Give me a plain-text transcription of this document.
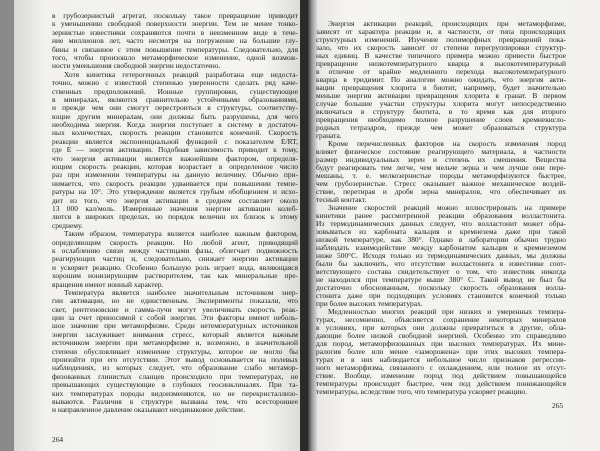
в грубозернистый агрегат, поскольку такое превращение приводит
к уменьшению свободной поверхности энергии. Тем не менее тонко-
зернистые известняки сохраняются почти в неизменном виде в тече-
ние миллионов лет, часто несмотря на погружение на большие глу-
бины и связанное с этим повышение температуры. Следовательно, для
того, чтобы произошло метаморфическое изменение, одной возмож-
ности уменьшения свободной энергии недостаточно.
Хотя кинетика гетерогенных реакций разработана еще недоста-
точно, можно с известной степенью уверенности сделать ряд каче-
ственных предположений. Ионные группировки, существующие
в минералах, являются сравнительно устойчивыми образованиями,
и прежде чем они смогут перестроиться в структуры, соответству-
ющие другим минералам, они должны быть разрушены, для чего
необходима энергия. Когда энергия поступает в систему в достаточ-
ных количествах, скорость реакции становится конечной. Скорость
реакции является экспоненциальной функцией с показателем E/RT,
где E — энергия активации. Подобная зависимость приводит к тому,
что энергия активации является важнейшим фактором, определя-
ющим скорость реакции, которая возрастает в определенное число
раз при изменении температуры на данную величину. Обычно при-
нимается, что скорость реакции удваивается при повышении темпе-
ратуры на 10°. Это утверждение является грубым обобщением и исхо-
дит из того, что энергия активации в среднем составляет около
13 000 кал/моль. Измеренные значения энергии активации колеб-
лются в широких пределах, но порядок величин их близок к этому
среднему.
Таким образом, температура является наиболее важным фактором,
определяющим скорость реакции. Но любой агент, приводящий
к ослаблению связи между частицами фазы, облегчает подвижность
реагирующих частиц и, следовательно, снижает энергию активации
и ускоряет реакцию. Особенно большую роль играет вода, являющаяся
хорошим ионизирующим растворителем, так как минеральные пре-
вращения имеют ионный характер.
Температура является наиболее значительным источником энер-
гии активации, но не единственным. Эксперименты показали, что
свет, рентгеновские и гамма-лучи могут увеличивать скорость реак-
ции за счет приносимой с собой энергии. Эти факторы имеют неболь-
шое значение при метаморфизме. Среди нетемпературных источников
энергии заслуживает внимания стресс, который является важным
источником энергии при метаморфизме и, возможно, в значительной
степени обусловливает изменение структуры, которое не могло бы
произойти при его отсутствии. Этот вывод основывается на полевых
наблюдениях, из которых следует, что образование слабо метамор-
физованных глинистых сланцев происходило при температурах, не
превышающих существующие в глубоких геосинклиналях. При та-
ких температурах породы видоизменяются, но не перекристаллизо-
вываются. Различия в структуре вызваны тем, что всестороннее
и направленное давление оказывают неодинаковое действие.
264
Энергия активации реакций, происходящих при метаморфизме,
зависят от характера реакции и, в частности, от типа происходящих
структурных изменений. Изучение полиморфных превращений пока-
зало, что их скорость зависит от степени перегруппировки структур-
ных единиц. В качестве типичного примера можно привести быстрое
превращение низкотемпературного кварца в высокотемпературный
в отличие от крайне медленного перехода высокотемпературного
кварца в тридимит. По аналогии можно ожидать, что энергия акти-
вации превращения хлорита в биотит, например, будет значительно
меньше энергии активации превращения хлорита в гранат. В первом
случае большие участки структуры хлорита могут непосредственно
включаться в структуру биотита, в то время как для второго
превращения необходимо полное разрушение слоев кремнекисло-
родных тетраэдров, прежде чем может образоваться структура
граната.
Кроме перечисленных факторов на скорость изменения пород
влияет физическое состояние реагирующего материала, в частности
размер индивидуальных зерен и степень их смешения. Вещества
будут реагировать тем легче, чем мельче зерна и чем лучше они пере-
мешаны, т. е. мелкозернистые породы метаморфизуются быстрее,
чем грубозернистые. Стресс оказывает важное механическое воздей-
ствие, перетирая и дробя зерна минералов, что обеспечивает их
тесный контакт.
Значение скоростей реакций можно иллюстрировать на примере
кинетики ранее рассмотренной реакции образования волластонита.
Из термодинамических данных следует, что волластонит может обра-
зовываться из карбоната кальция и кремнезема даже при такой
низкой температуре, как 380°. Однако в лаборатории обычно трудно
наблюдать взаимодействие между карбонатом кальция и кремнеземом
ниже 500°С. Исходя только из термодинамических данных, мы должны
были бы заключить, что отсутствие волластонита в известняке соот-
ветствующего состава свидетельствует о том, что известняк никогда
не находился при температуре выше 380° С. Такой вывод не был бы
достаточно обоснованным, поскольку скорость образования волла-
стонита даже при подходящих условиях становится конечной только
при более высоких температурах.
Медленностью многих реакций при низких и умеренных темпера-
турах, несомненно, объясняется сохранение некоторых минералов
в условиях, при которых они должны превратиться в другие, обла-
дающие более низкой свободной энергией. Особенно это справедливо
для пород, метаморфизованных при высоких температурах. Их мине-
ралогия более или менее «заморожена» при этих высоких темпера-
турах и в них наблюдается небольшое число признаков регрессив-
ного метаморфизма, связанного с охлаждением, или полное их отсут-
ствие. Вообще, изменение пород под действием повышающейся
температуры происходит быстрее, чем под действием понижающейся
температуры, вследствие того, что температура ускоряет реакцию.
265
